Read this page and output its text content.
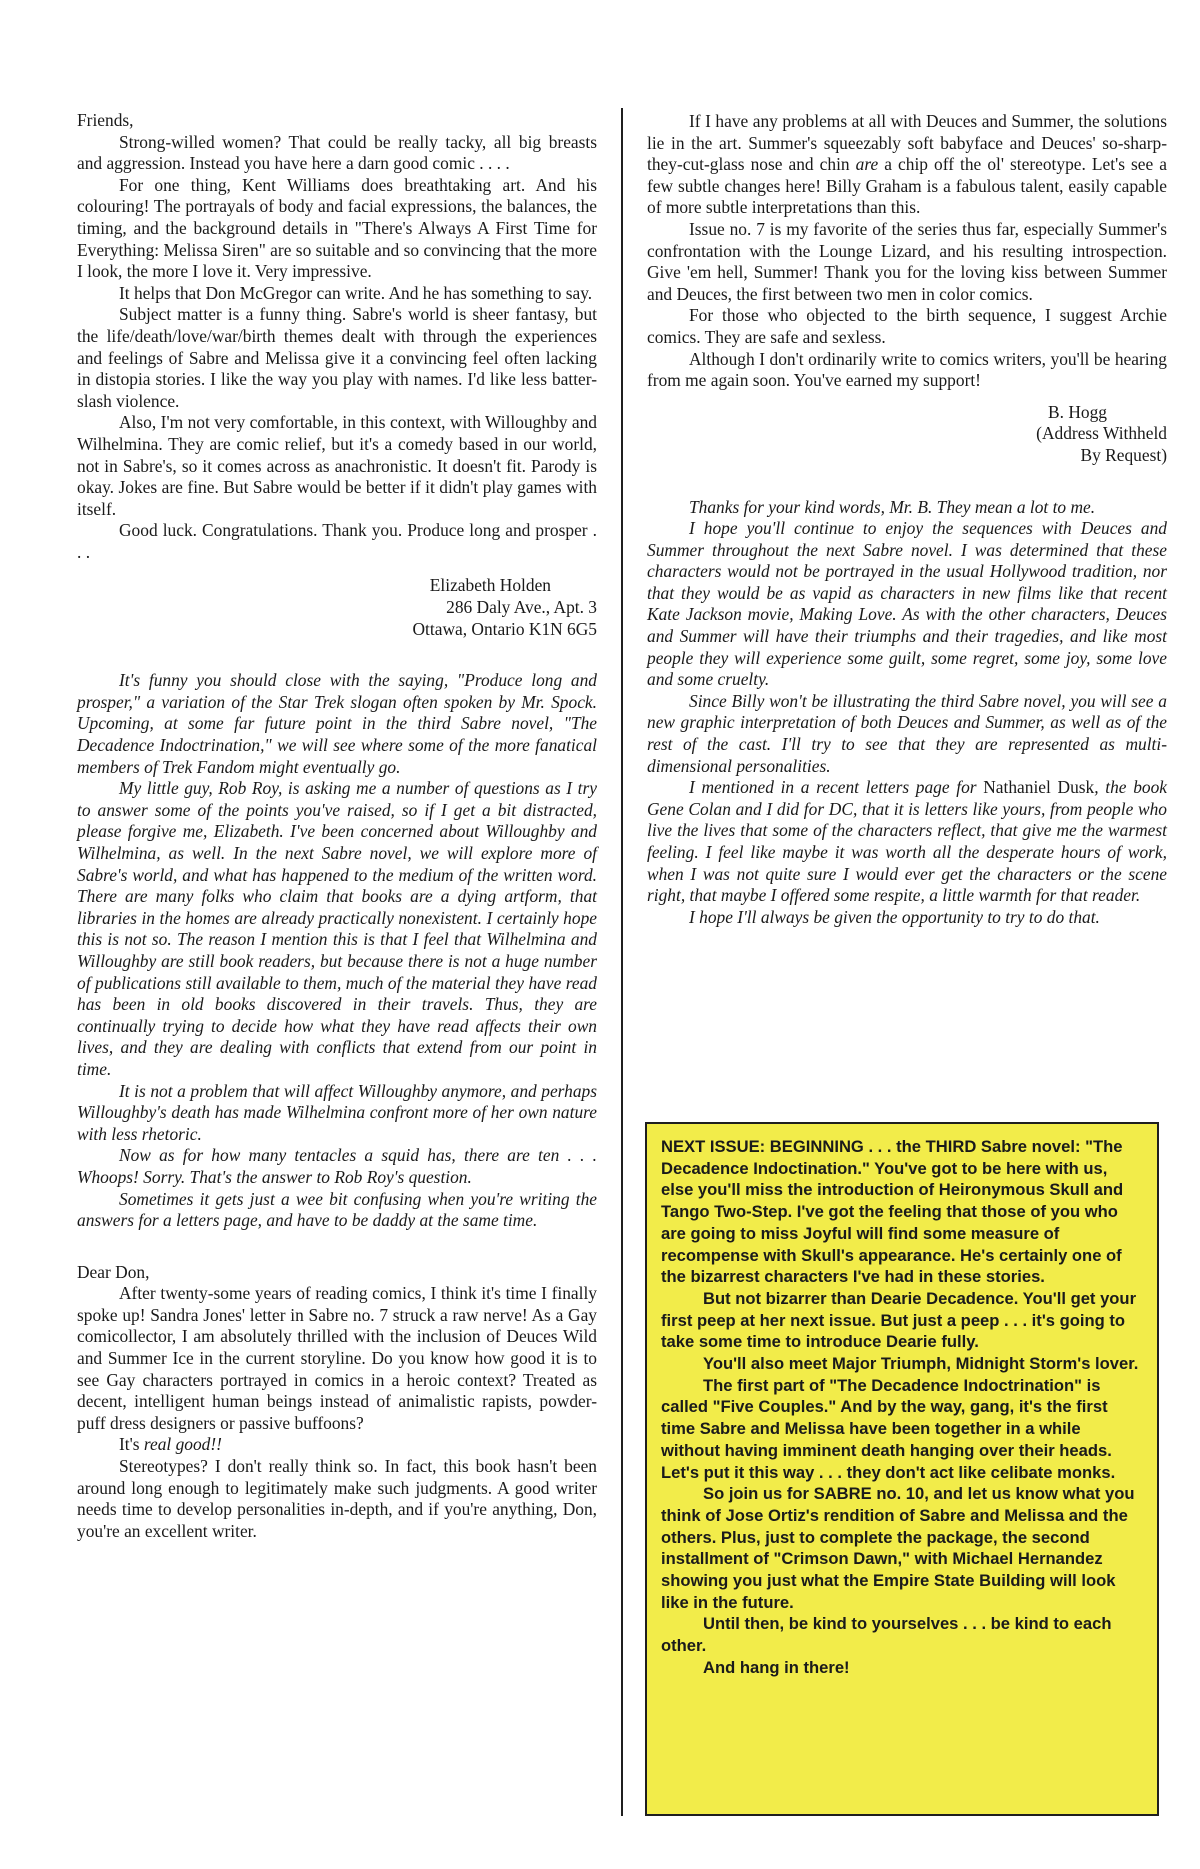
Friends,

Strong-willed women? That could be really tacky, all big breasts and aggression. Instead you have here a darn good comic . . . .

For one thing, Kent Williams does breathtaking art. And his colouring! The portrayals of body and facial expressions, the balances, the timing, and the background details in "There's Always A First Time for Everything: Melissa Siren" are so suitable and so convincing that the more I look, the more I love it. Very impressive.

It helps that Don McGregor can write. And he has something to say.

Subject matter is a funny thing. Sabre's world is sheer fantasy, but the life/death/love/war/birth themes dealt with through the experiences and feelings of Sabre and Melissa give it a convincing feel often lacking in distopia stories. I like the way you play with names. I'd like less batter-slash violence.

Also, I'm not very comfortable, in this context, with Willoughby and Wilhelmina. They are comic relief, but it's a comedy based in our world, not in Sabre's, so it comes across as anachronistic. It doesn't fit. Parody is okay. Jokes are fine. But Sabre would be better if it didn't play games with itself.

Good luck. Congratulations. Thank you. Produce long and prosper . . .

Elizabeth Holden

286 Daly Ave., Apt. 3

Ottawa, Ontario K1N 6G5

It's funny you should close with the saying, "Produce long and prosper," a variation of the Star Trek slogan often spoken by Mr. Spock. Upcoming, at some far future point in the third Sabre novel, "The Decadence Indoctrination," we will see where some of the more fanatical members of Trek Fandom might eventually go.

My little guy, Rob Roy, is asking me a number of questions as I try to answer some of the points you've raised, so if I get a bit distracted, please forgive me, Elizabeth. I've been concerned about Willoughby and Wilhelmina, as well. In the next Sabre novel, we will explore more of Sabre's world, and what has happened to the medium of the written word. There are many folks who claim that books are a dying artform, that libraries in the homes are already practically nonexistent. I certainly hope this is not so. The reason I mention this is that I feel that Wilhelmina and Willoughby are still book readers, but because there is not a huge number of publications still available to them, much of the material they have read has been in old books discovered in their travels. Thus, they are continually trying to decide how what they have read affects their own lives, and they are dealing with conflicts that extend from our point in time.

It is not a problem that will affect Willoughby anymore, and perhaps Willoughby's death has made Wilhelmina confront more of her own nature with less rhetoric.

Now as for how many tentacles a squid has, there are ten . . . Whoops! Sorry. That's the answer to Rob Roy's question.

Sometimes it gets just a wee bit confusing when you're writing the answers for a letters page, and have to be daddy at the same time.

Dear Don,

After twenty-some years of reading comics, I think it's time I finally spoke up! Sandra Jones' letter in Sabre no. 7 struck a raw nerve! As a Gay comicollector, I am absolutely thrilled with the inclusion of Deuces Wild and Summer Ice in the current storyline. Do you know how good it is to see Gay characters portrayed in comics in a heroic context? Treated as decent, intelligent human beings instead of animalistic rapists, powder-puff dress designers or passive buffoons?

It's real good!!

Stereotypes? I don't really think so. In fact, this book hasn't been around long enough to legitimately make such judgments. A good writer needs time to develop personalities in-depth, and if you're anything, Don, you're an excellent writer.

If I have any problems at all with Deuces and Summer, the solutions lie in the art. Summer's squeezably soft babyface and Deuces' so-sharp-they-cut-glass nose and chin are a chip off the ol' stereotype. Let's see a few subtle changes here! Billy Graham is a fabulous talent, easily capable of more subtle interpretations than this.

Issue no. 7 is my favorite of the series thus far, especially Summer's confrontation with the Lounge Lizard, and his resulting introspection. Give 'em hell, Summer! Thank you for the loving kiss between Summer and Deuces, the first between two men in color comics.

For those who objected to the birth sequence, I suggest Archie comics. They are safe and sexless.

Although I don't ordinarily write to comics writers, you'll be hearing from me again soon. You've earned my support!

B. Hogg

(Address Withheld

By Request)

Thanks for your kind words, Mr. B. They mean a lot to me.

I hope you'll continue to enjoy the sequences with Deuces and Summer throughout the next Sabre novel. I was determined that these characters would not be portrayed in the usual Hollywood tradition, nor that they would be as vapid as characters in new films like that recent Kate Jackson movie, Making Love. As with the other characters, Deuces and Summer will have their triumphs and their tragedies, and like most people they will experience some guilt, some regret, some joy, some love and some cruelty.

Since Billy won't be illustrating the third Sabre novel, you will see a new graphic interpretation of both Deuces and Summer, as well as of the rest of the cast. I'll try to see that they are represented as multi-dimensional personalities.

I mentioned in a recent letters page for Nathaniel Dusk, the book Gene Colan and I did for DC, that it is letters like yours, from people who live the lives that some of the characters reflect, that give me the warmest feeling. I feel like maybe it was worth all the desperate hours of work, when I was not quite sure I would ever get the characters or the scene right, that maybe I offered some respite, a little warmth for that reader.

I hope I'll always be given the opportunity to try to do that.

NEXT ISSUE: BEGINNING . . . the THIRD Sabre novel: "The Decadence Indoctination." You've got to be here with us, else you'll miss the introduction of Heironymous Skull and Tango Two-Step. I've got the feeling that those of you who are going to miss Joyful will find some measure of recompense with Skull's appearance. He's certainly one of the bizarrest characters I've had in these stories.

But not bizarrer than Dearie Decadence. You'll get your first peep at her next issue. But just a peep . . . it's going to take some time to introduce Dearie fully.

You'll also meet Major Triumph, Midnight Storm's lover.

The first part of "The Decadence Indoctrination" is called "Five Couples." And by the way, gang, it's the first time Sabre and Melissa have been together in a while without having imminent death hanging over their heads. Let's put it this way . . . they don't act like celibate monks.

So join us for SABRE no. 10, and let us know what you think of Jose Ortiz's rendition of Sabre and Melissa and the others. Plus, just to complete the package, the second installment of "Crimson Dawn," with Michael Hernandez showing you just what the Empire State Building will look like in the future.

Until then, be kind to yourselves . . . be kind to each other.

And hang in there!
